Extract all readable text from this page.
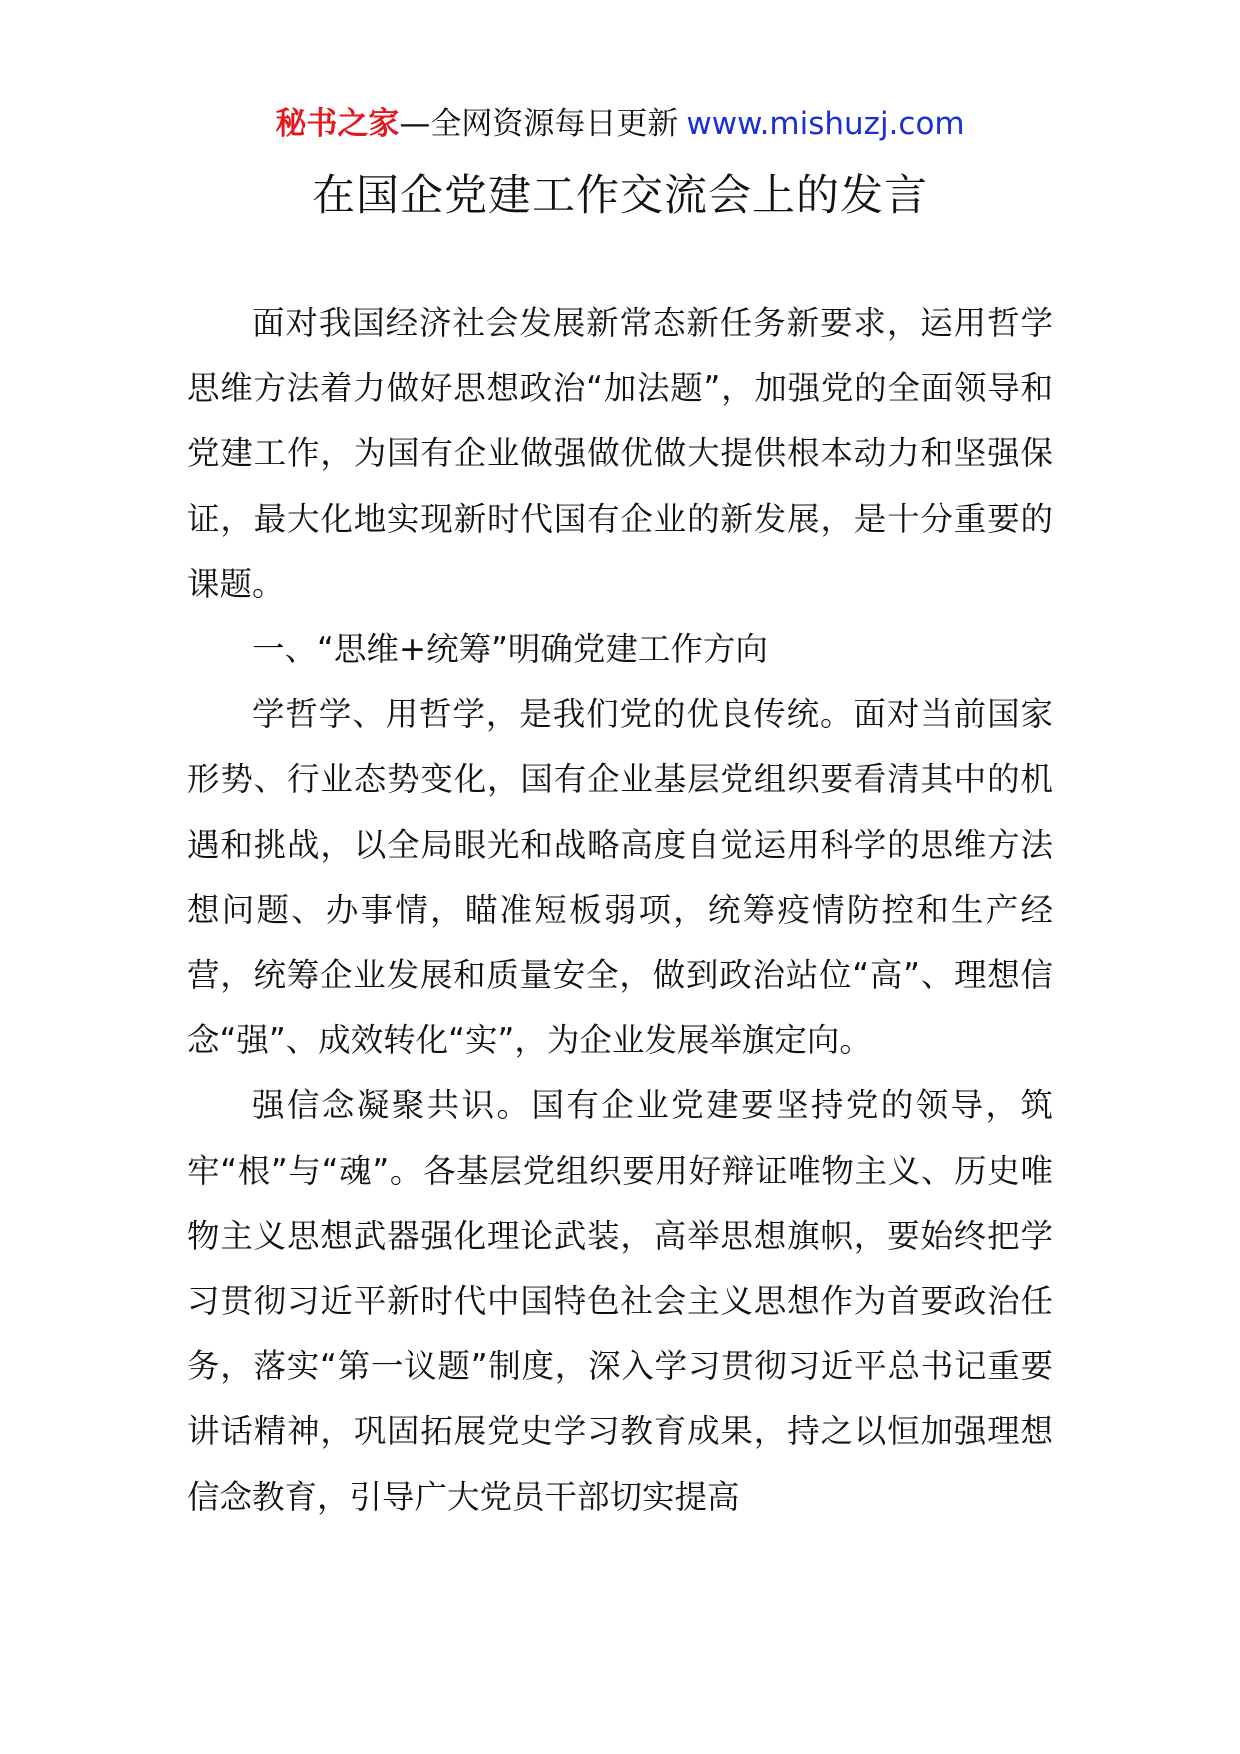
秘书之家—全网资源每日更新 www.mishuzj.com
在国企党建工作交流会上的发言

面对我国经济社会发展新常态新任务新要求，运用哲学思维方法着力做好思想政治“加法题”，加强党的全面领导和党建工作，为国有企业做强做优做大提供根本动力和坚强保证，最大化地实现新时代国有企业的新发展，是十分重要的课题。

一、“思维+统筹”明确党建工作方向

学哲学、用哲学，是我们党的优良传统。面对当前国家形势、行业态势变化，国有企业基层党组织要看清其中的机遇和挑战，以全局眼光和战略高度自觉运用科学的思维方法想问题、办事情，瞄准短板弱项，统筹疫情防控和生产经营，统筹企业发展和质量安全，做到政治站位“高”、理想信念“强”、成效转化“实”，为企业发展举旗定向。

强信念凝聚共识。国有企业党建要坚持党的领导，筑牢“根”与“魂”。各基层党组织要用好辩证唯物主义、历史唯物主义思想武器强化理论武装，高举思想旗帜，要始终把学习贯彻习近平新时代中国特色社会主义思想作为首要政治任务，落实“第一议题”制度，深入学习贯彻习近平总书记重要讲话精神，巩固拓展党史学习教育成果，持之以恒加强理想信念教育，引导广大党员干部切实提高
